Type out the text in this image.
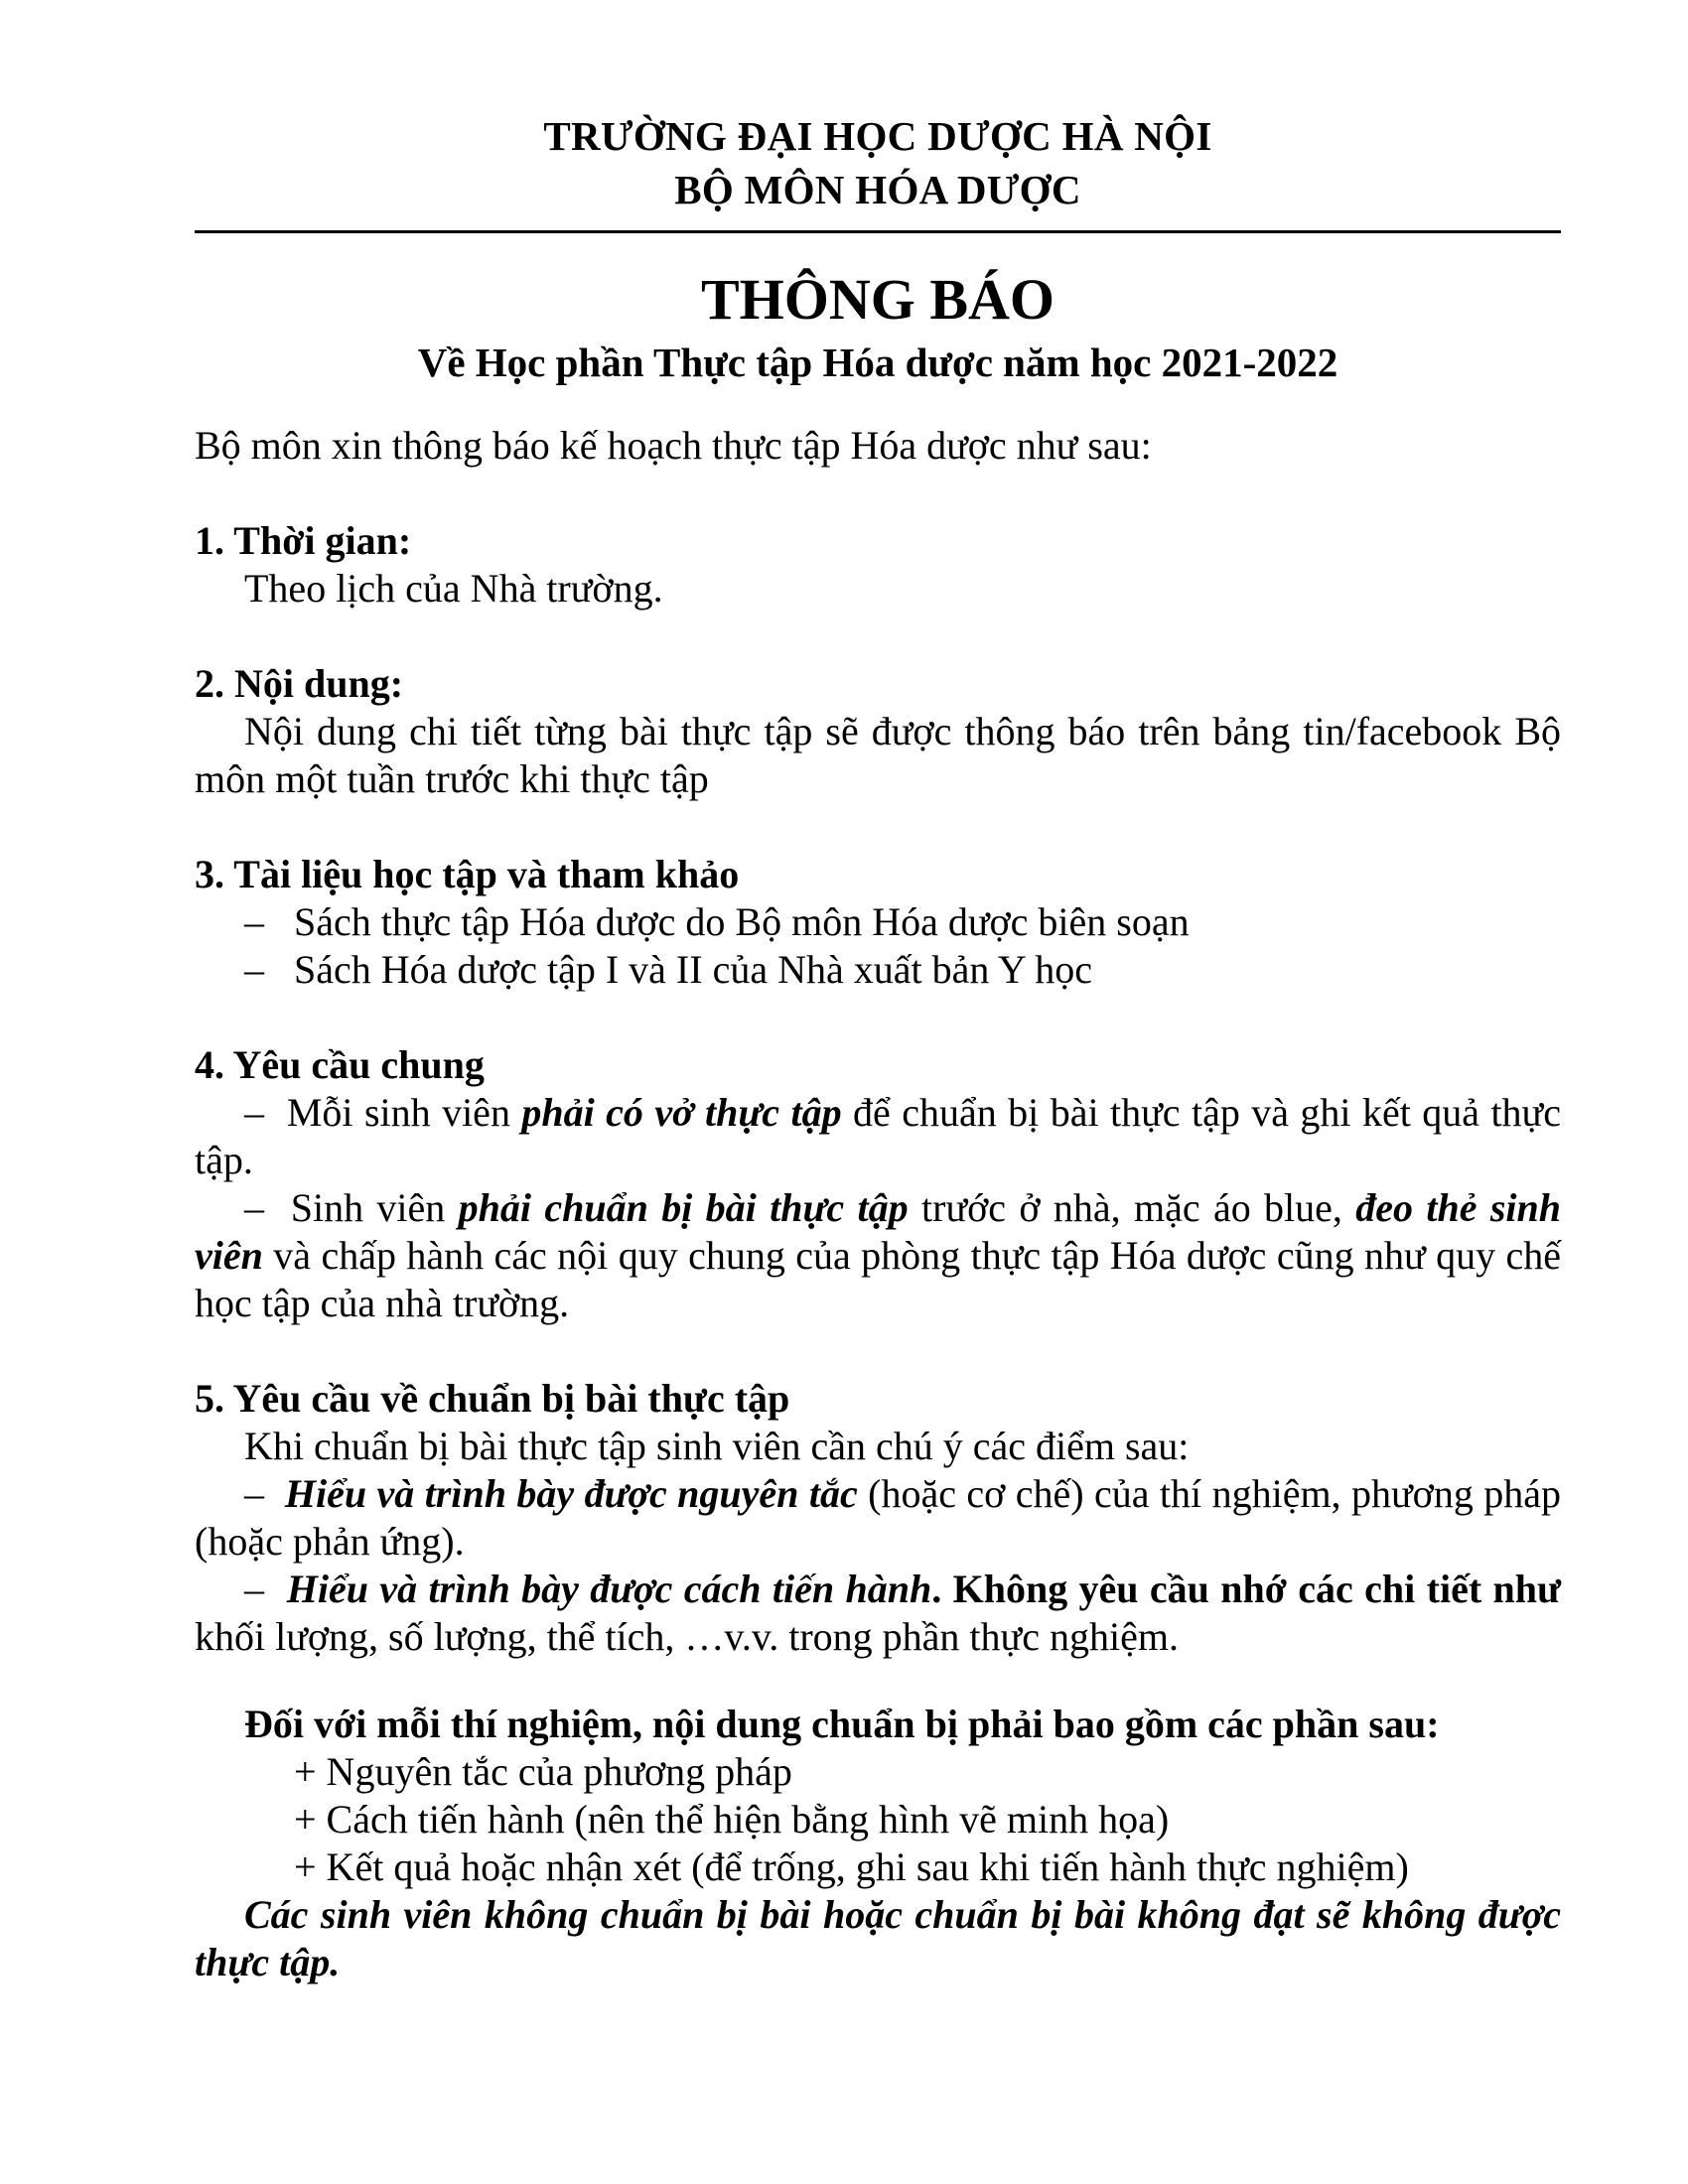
TRƯỜNG ĐẠI HỌC DƯỢC HÀ NỘI
BỘ MÔN HÓA DƯỢC
THÔNG BÁO
Về Học phần Thực tập Hóa dược năm học 2021-2022
Bộ môn xin thông báo kế hoạch thực tập Hóa dược như sau:
1. Thời gian:
Theo lịch của Nhà trường.
2. Nội dung:
Nội dung chi tiết từng bài thực tập sẽ được thông báo trên bảng tin/facebook Bộ môn một tuần trước khi thực tập
3. Tài liệu học tập và tham khảo
– Sách thực tập Hóa dược do Bộ môn Hóa dược biên soạn
– Sách Hóa dược tập I và II của Nhà xuất bản Y học
4. Yêu cầu chung
– Mỗi sinh viên phải có vở thực tập để chuẩn bị bài thực tập và ghi kết quả thực tập.
– Sinh viên phải chuẩn bị bài thực tập trước ở nhà, mặc áo blue, đeo thẻ sinh viên và chấp hành các nội quy chung của phòng thực tập Hóa dược cũng như quy chế học tập của nhà trường.
5. Yêu cầu về chuẩn bị bài thực tập
Khi chuẩn bị bài thực tập sinh viên cần chú ý các điểm sau:
– Hiểu và trình bày được nguyên tắc (hoặc cơ chế) của thí nghiệm, phương pháp (hoặc phản ứng).
– Hiểu và trình bày được cách tiến hành. Không yêu cầu nhớ các chi tiết như khối lượng, số lượng, thể tích, …v.v. trong phần thực nghiệm.
Đối với mỗi thí nghiệm, nội dung chuẩn bị phải bao gồm các phần sau:
+ Nguyên tắc của phương pháp
+ Cách tiến hành (nên thể hiện bằng hình vẽ minh họa)
+ Kết quả hoặc nhận xét (để trống, ghi sau khi tiến hành thực nghiệm)
Các sinh viên không chuẩn bị bài hoặc chuẩn bị bài không đạt sẽ không được thực tập.
